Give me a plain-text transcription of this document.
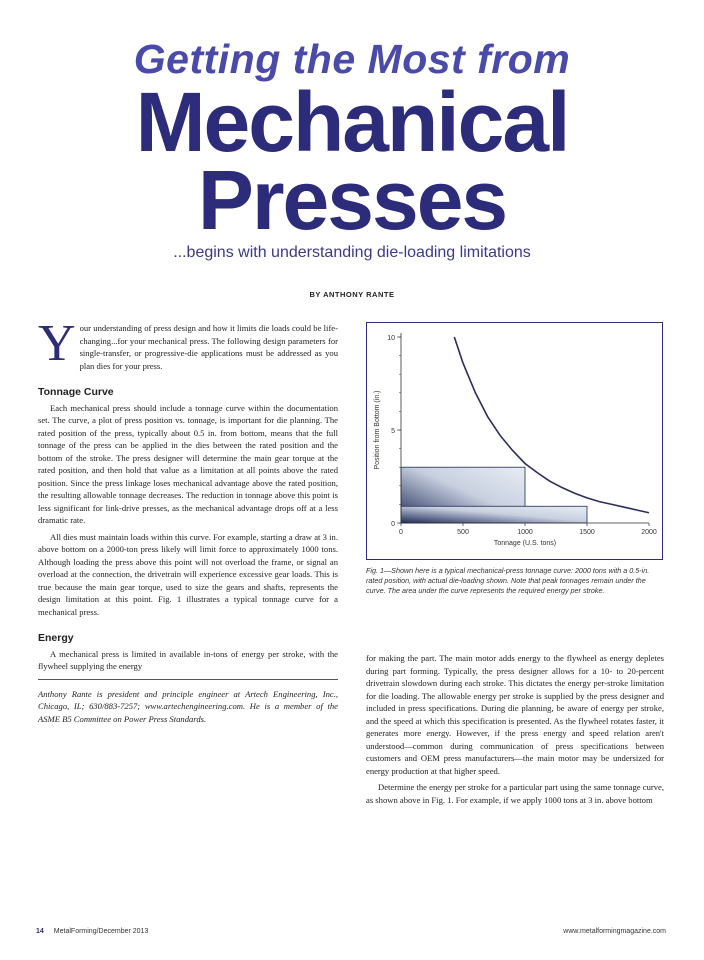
Getting the Most from
Mechanical
Presses
...begins with understanding die-loading limitations
BY ANTHONY RANTE

Your understanding of press design and how it limits die loads could be life-changing...for your mechanical press. The following design parameters for single-transfer, or progressive-die applications must be addressed as you plan dies for your press.

Tonnage Curve

Each mechanical press should include a tonnage curve within the documentation set. The curve, a plot of press position vs. tonnage, is important for die planning. The rated position of the press, typically about 0.5 in. from bottom, means that the full tonnage of the press can be applied in the dies between the rated position and the bottom of the stroke. The press designer will determine the main gear torque at the rated position, and then hold that value as a limitation at all points above the rated position. Since the press linkage loses mechanical advantage above the rated position, the resulting allowable tonnage decreases. The reduction in tonnage above this point is less significant for link-drive presses, as the mechanical advantage drops off at a less dramatic rate.

All dies must maintain loads within this curve. For example, starting a draw at 3 in. above bottom on a 2000-ton press likely will limit force to approximately 1000 tons. Although loading the press above this point will not overload the frame, or signal an overload at the connection, the drivetrain will experience excessive gear loads. This is true because the main gear torque, used to size the gears and shafts, represents the design limitation at this point. Fig. 1 illustrates a typical tonnage curve for a mechanical press.

Energy

A mechanical press is limited in available in-tons of energy per stroke, with the flywheel supplying the energy

Anthony Rante is president and principle engineer at Artech Engineering, Inc., Chicago, IL; 630/883-7257; www.artechengineering.com. He is a member of the ASME B5 Committee on Power Press Standards.

0
5
10
0	500	1000	1500	2000
Tonnage (U.S. tons)
Position from Bottom (in.)
Fig. 1—Shown here is a typical mechanical-press tonnage curve: 2000 tons with a 0.5-in. rated position, with actual die-loading shown. Note that peak tonnages remain under the curve. The area under the curve represents the required energy per stroke.

for making the part. The main motor adds energy to the flywheel as energy depletes during part forming. Typically, the press designer allows for a 10- to 20-percent drivetrain slowdown during each stroke. This dictates the energy per-stroke limitation for die loading. The allowable energy per stroke is supplied by the press designer and included in press specifications. During die planning, be aware of energy per stroke, and the speed at which this specification is presented. As the flywheel rotates faster, it generates more energy. However, if the press energy and speed relation aren't understood—common during communication of press specifications between customers and OEM press manufacturers—the main motor may be undersized for energy production at that higher speed.

Determine the energy per stroke for a particular part using the same tonnage curve, as shown above in Fig. 1. For example, if we apply 1000 tons at 3 in. above bottom

14 MetalForming/December 2013	www.metalformingmagazine.com
